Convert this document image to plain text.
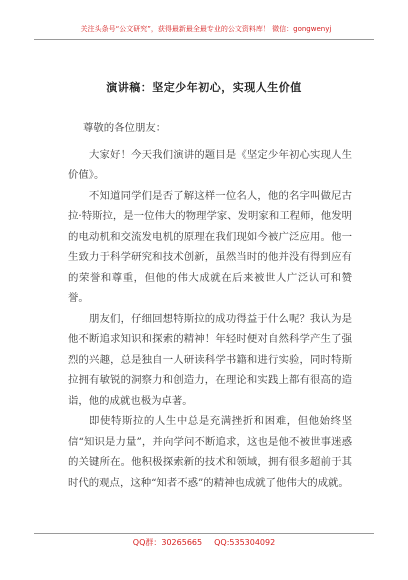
关注头条号“公文研究”，获得最新最全最专业的公文资料库！ 微信：gongwenyj
演讲稿：坚定少年初心，实现人生价值

尊敬的各位朋友：

大家好！今天我们演讲的题目是《坚定少年初心实现人生价值》。

不知道同学们是否了解这样一位名人，他的名字叫做尼古拉·特斯拉，是一位伟大的物理学家、发明家和工程师，他发明的电动机和交流发电机的原理在我们现如今被广泛应用。他一生致力于科学研究和技术创新，虽然当时的他并没有得到应有的荣誉和尊重，但他的伟大成就在后来被世人广泛认可和赞誉。

朋友们，仔细回想特斯拉的成功得益于什么呢？我认为是他不断追求知识和探索的精神！年轻时便对自然科学产生了强烈的兴趣，总是独自一人研读科学书籍和进行实验，同时特斯拉拥有敏锐的洞察力和创造力，在理论和实践上都有很高的造诣，他的成就也极为卓著。

即使特斯拉的人生中总是充满挫折和困难，但他始终坚信“知识是力量”，并向学问不断追求，这也是他不被世事迷惑的关键所在。他积极探索新的技术和领域，拥有很多超前于其时代的观点，这种“知者不惑”的精神也成就了他伟大的成就。

QQ群：30265665 QQ:535304092
